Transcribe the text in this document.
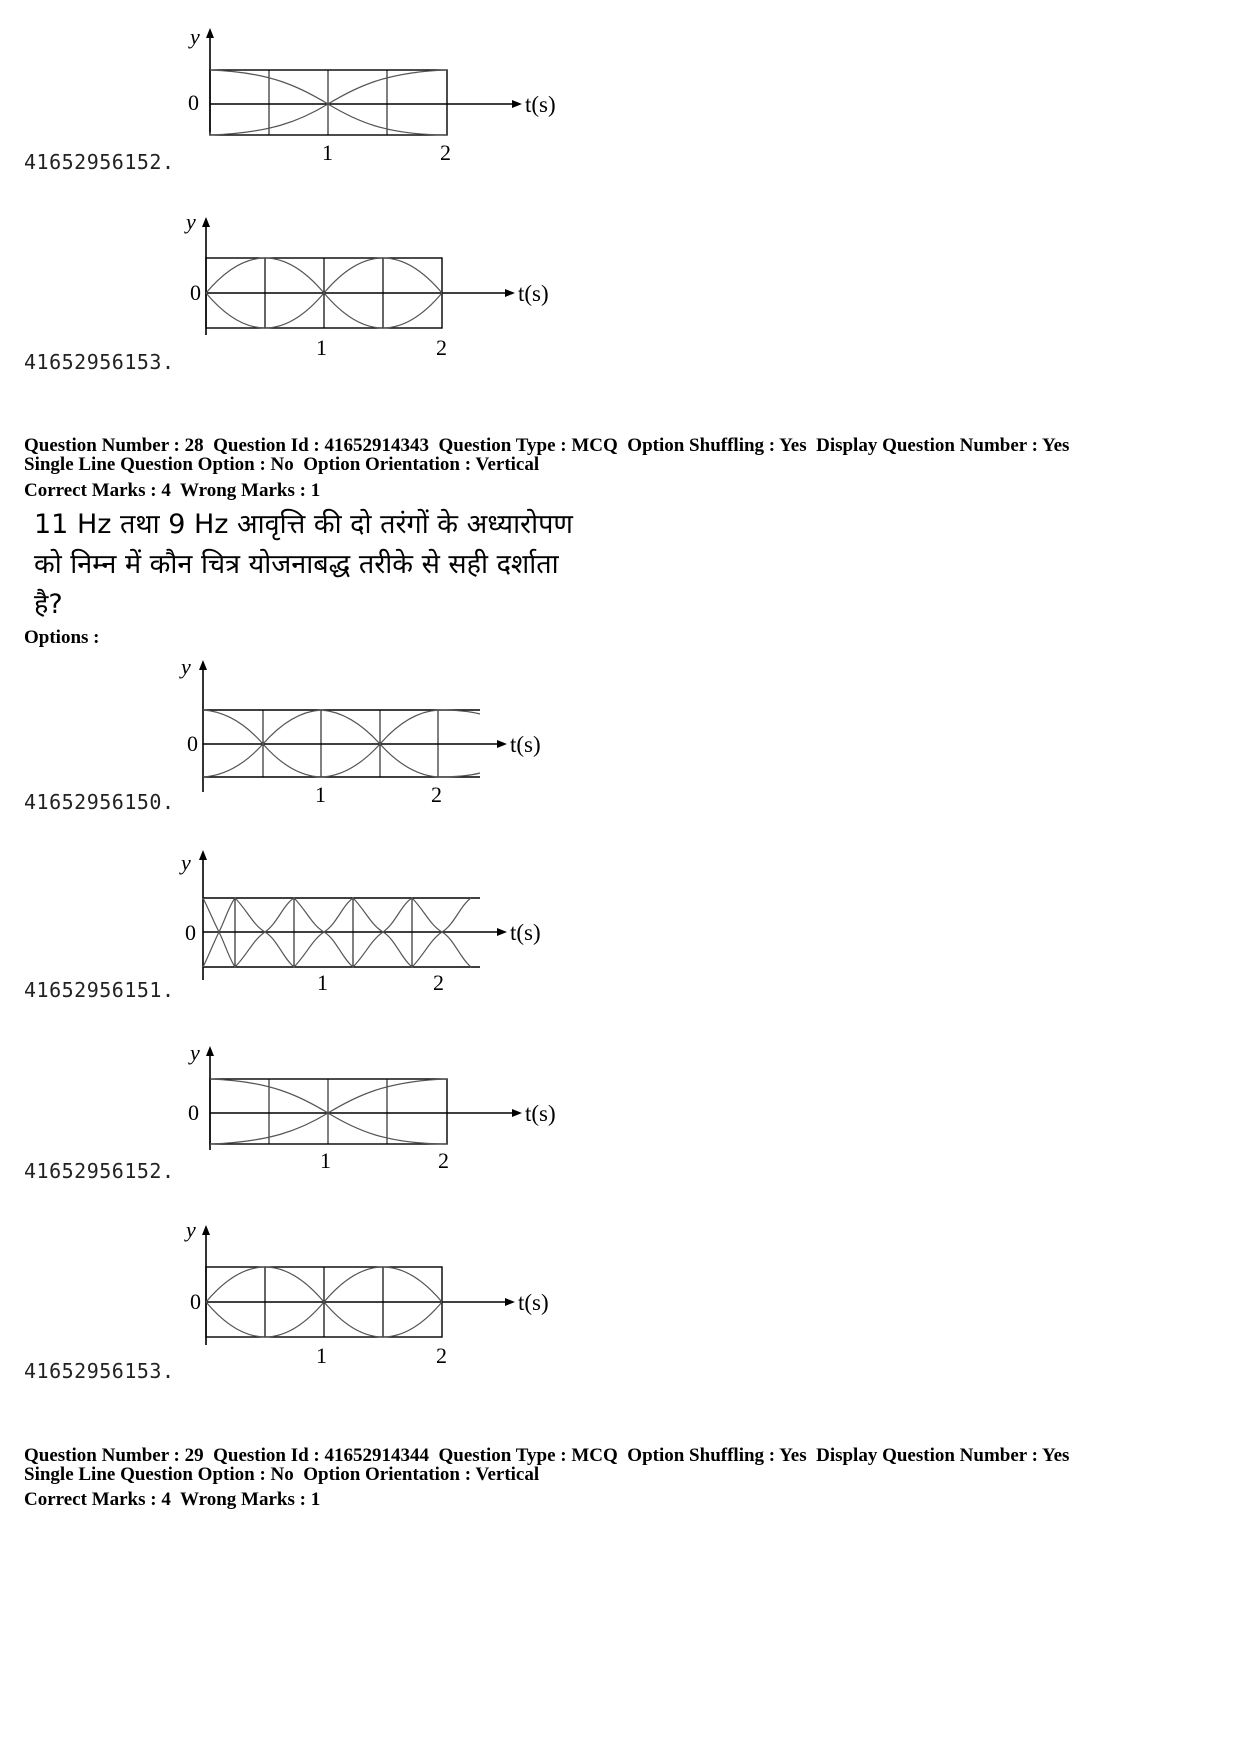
y
0	t(s)
1	2
41652956152.
y
0	t(s)
1	2
41652956153.
Question Number : 28  Question Id : 41652914343  Question Type : MCQ  Option Shuffling : Yes  Display Question Number : Yes
Single Line Question Option : No  Option Orientation : Vertical
Correct Marks : 4  Wrong Marks : 1
11 Hz तथा 9 Hz आवृत्ति की दो तरंगों के अध्यारोपण
को निम्न में कौन चित्र योजनाबद्ध तरीके से सही दर्शाता
है?
Options :
y
0	t(s)
1	2
41652956150.
y
0	t(s)
1	2
41652956151.
y
0	t(s)
1	2
41652956152.
y
0	t(s)
1	2
41652956153.
Question Number : 29  Question Id : 41652914344  Question Type : MCQ  Option Shuffling : Yes  Display Question Number : Yes
Single Line Question Option : No  Option Orientation : Vertical
Correct Marks : 4  Wrong Marks : 1
